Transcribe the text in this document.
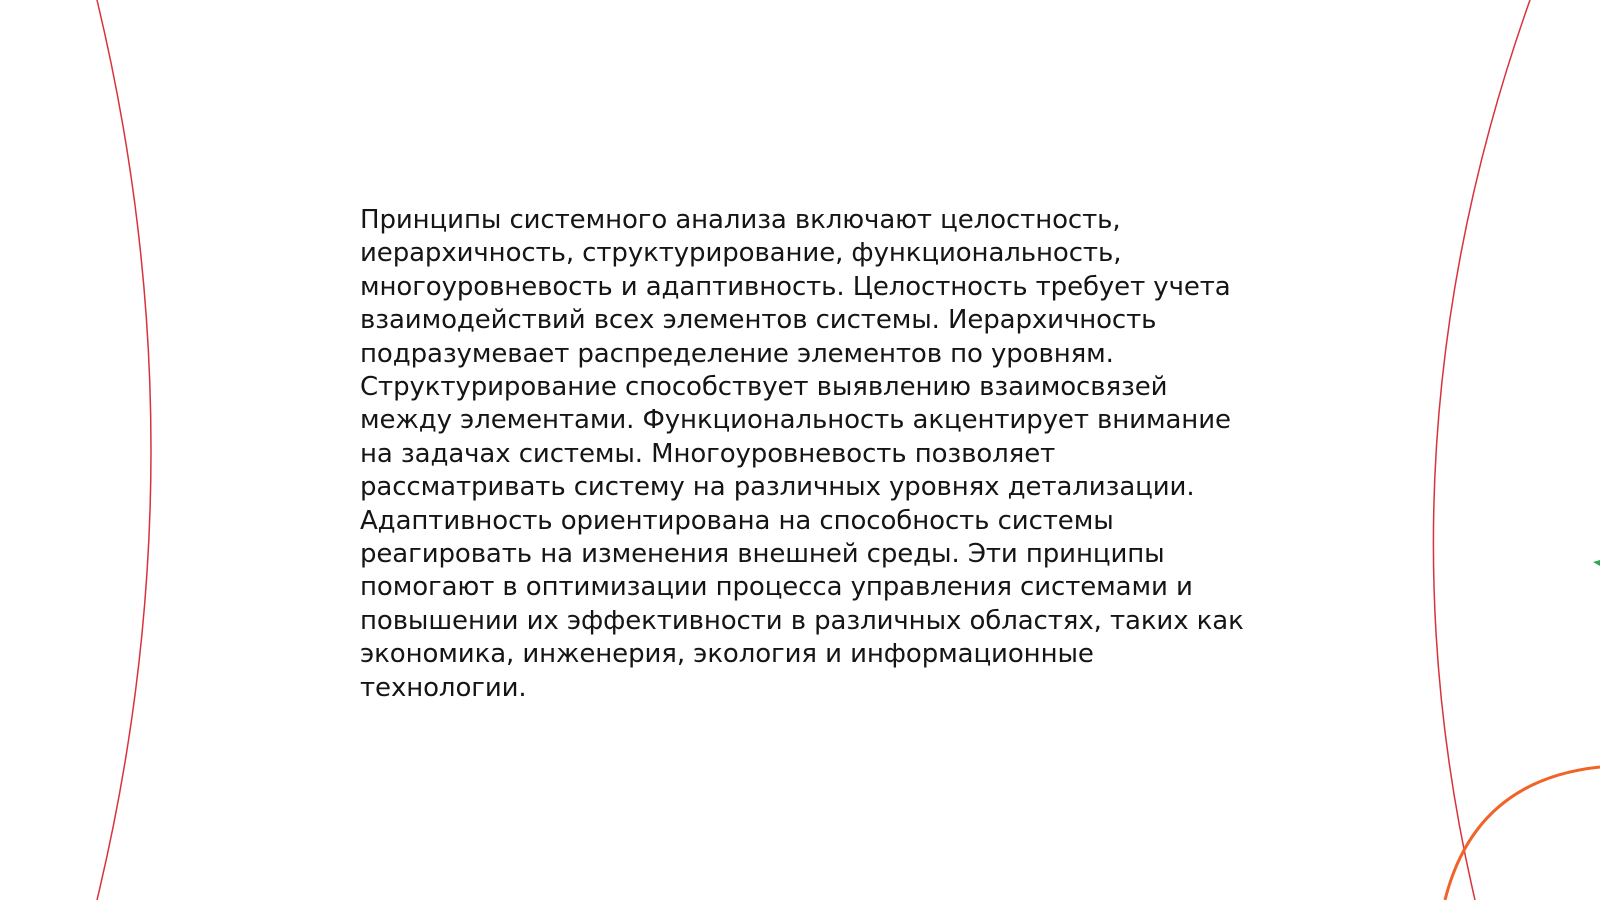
Принципы системного анализа включают целостность,
иерархичность, структурирование, функциональность,
многоуровневость и адаптивность. Целостность требует учета
взаимодействий всех элементов системы. Иерархичность
подразумевает распределение элементов по уровням.
Структурирование способствует выявлению взаимосвязей
между элементами. Функциональность акцентирует внимание
на задачах системы. Многоуровневость позволяет
рассматривать систему на различных уровнях детализации.
Адаптивность ориентирована на способность системы
реагировать на изменения внешней среды. Эти принципы
помогают в оптимизации процесса управления системами и
повышении их эффективности в различных областях, таких как
экономика, инженерия, экология и информационные
технологии.
